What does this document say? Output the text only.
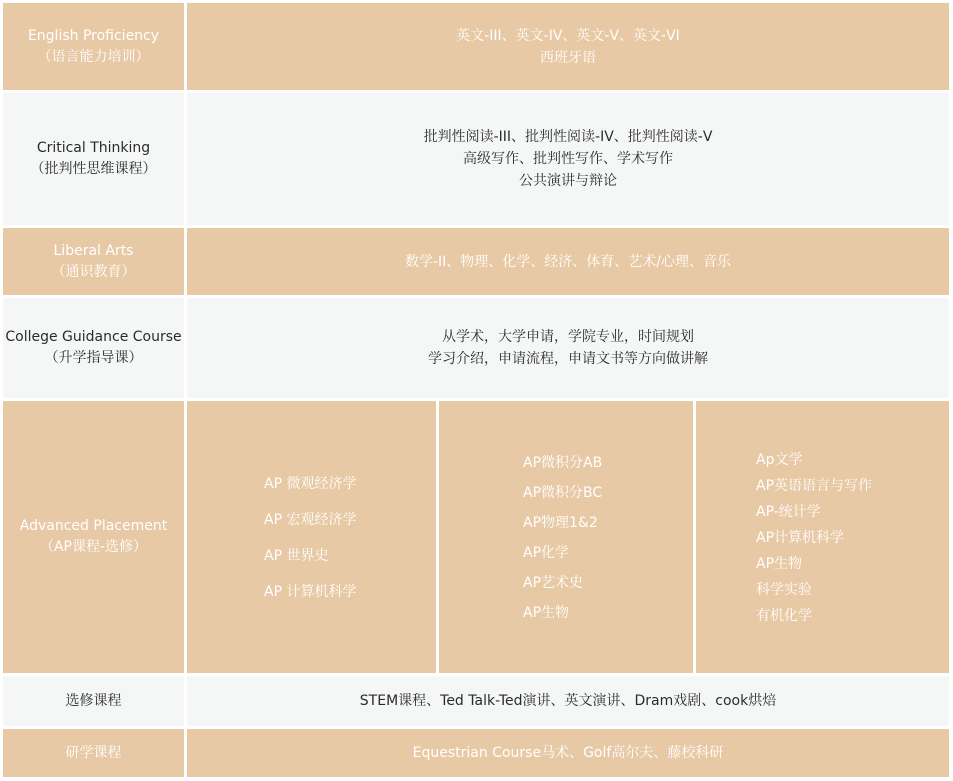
English Proficiency
（语言能力培训）
英文-III、英文-IV、英文-V、英文-VI
西班牙语
Critical Thinking
（批判性思维课程）
批判性阅读-III、批判性阅读-IV、批判性阅读-V
高级写作、批判性写作、学术写作
公共演讲与辩论
Liberal Arts
（通识教育）
数学-II、物理、化学、经济、体育、艺术/心理、音乐
College Guidance Course
（升学指导课）
从学术，大学申请，学院专业，时间规划
学习介绍，申请流程，申请文书等方向做讲解
Advanced Placement
（AP课程-选修）
AP 微观经济学
AP 宏观经济学
AP 世界史
AP 计算机科学
AP微积分AB
AP微积分BC
AP物理1&2
AP化学
AP艺术史
AP生物
Ap文学
AP英语语言与写作
AP-统计学
AP计算机科学
AP生物
科学实验
有机化学
选修课程	STEM课程、Ted Talk-Ted演讲、英文演讲、Dram戏剧、cook烘焙
研学课程	Equestrian Course马术、Golf高尔夫、藤校科研
